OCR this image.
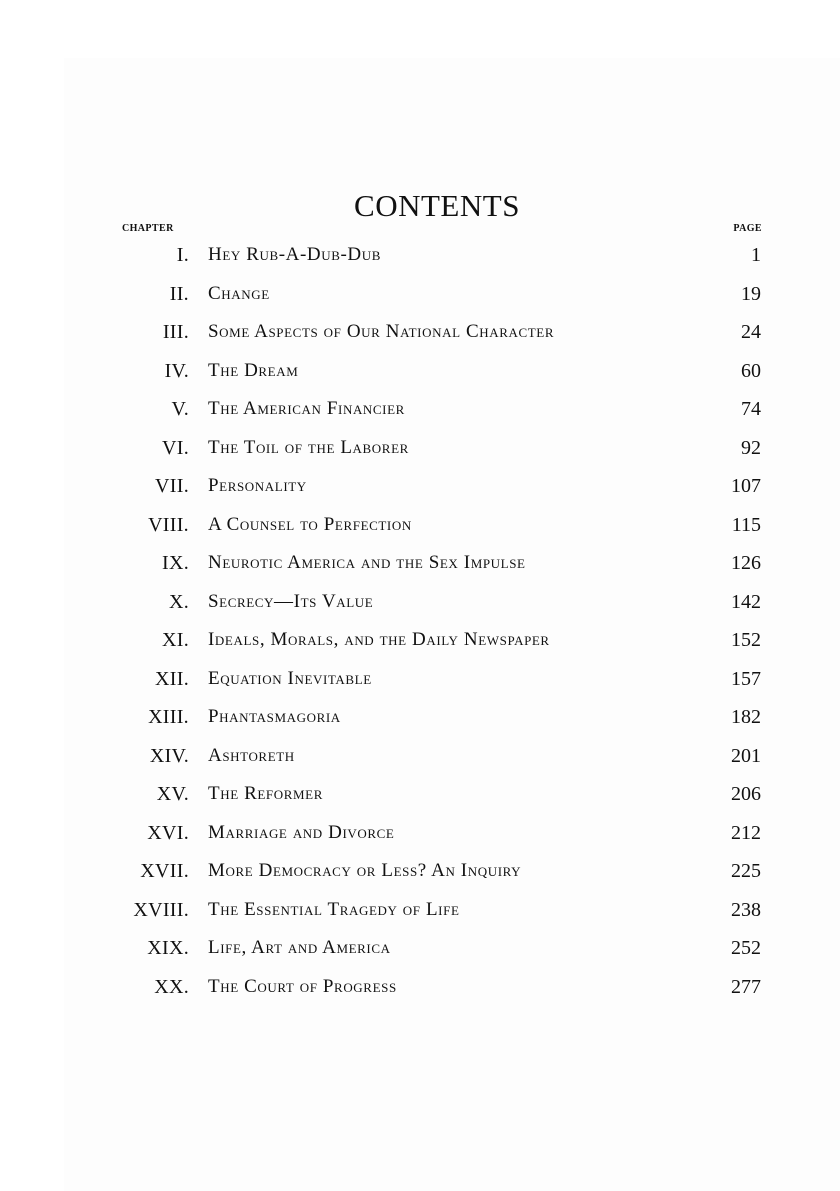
CONTENTS
CHAPTER	PAGE
I. Hey Rub-A-Dub-Dub	1
II. Change	19
III. Some Aspects of Our National Character	24
IV. The Dream	60
V. The American Financier	74
VI. The Toil of the Laborer	92
VII. Personality	107
VIII. A Counsel to Perfection	115
IX. Neurotic America and the Sex Impulse	126
X. Secrecy—Its Value	142
XI. Ideals, Morals, and the Daily Newspaper	152
XII. Equation Inevitable	157
XIII. Phantasmagoria	182
XIV. Ashtoreth	201
XV. The Reformer	206
XVI. Marriage and Divorce	212
XVII. More Democracy or Less? An Inquiry	225
XVIII. The Essential Tragedy of Life	238
XIX. Life, Art and America	252
XX. The Court of Progress	277
